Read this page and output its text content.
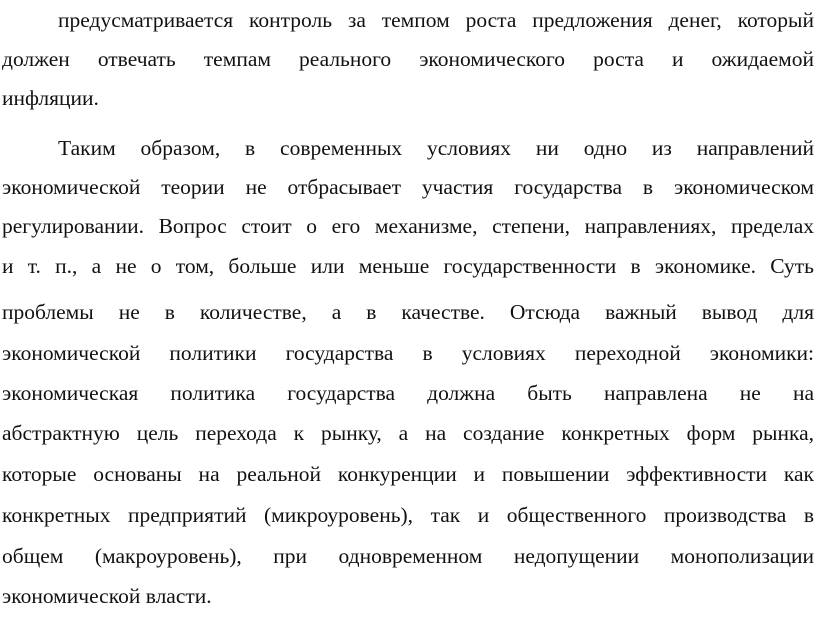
предусматривается контроль за темпом роста предложения денег, который
должен отвечать темпам реального экономического роста и ожидаемой
инфляции.
Таким образом, в современных условиях ни одно из направлений
экономической теории не отбрасывает участия государства в экономическом
регулировании. Вопрос стоит о его механизме, степени, направлениях, пределах
и т. п., а не о том, больше или меньше государственности в экономике. Суть
проблемы не в количестве, а в качестве. Отсюда важный вывод для
экономической политики государства в условиях переходной экономики:
экономическая политика государства должна быть направлена не на
абстрактную цель перехода к рынку, а на создание конкретных форм рынка,
которые основаны на реальной конкуренции и повышении эффективности как
конкретных предприятий (микроуровень), так и общественного производства в
общем (макроуровень), при одновременном недопущении монополизации
экономической власти.
